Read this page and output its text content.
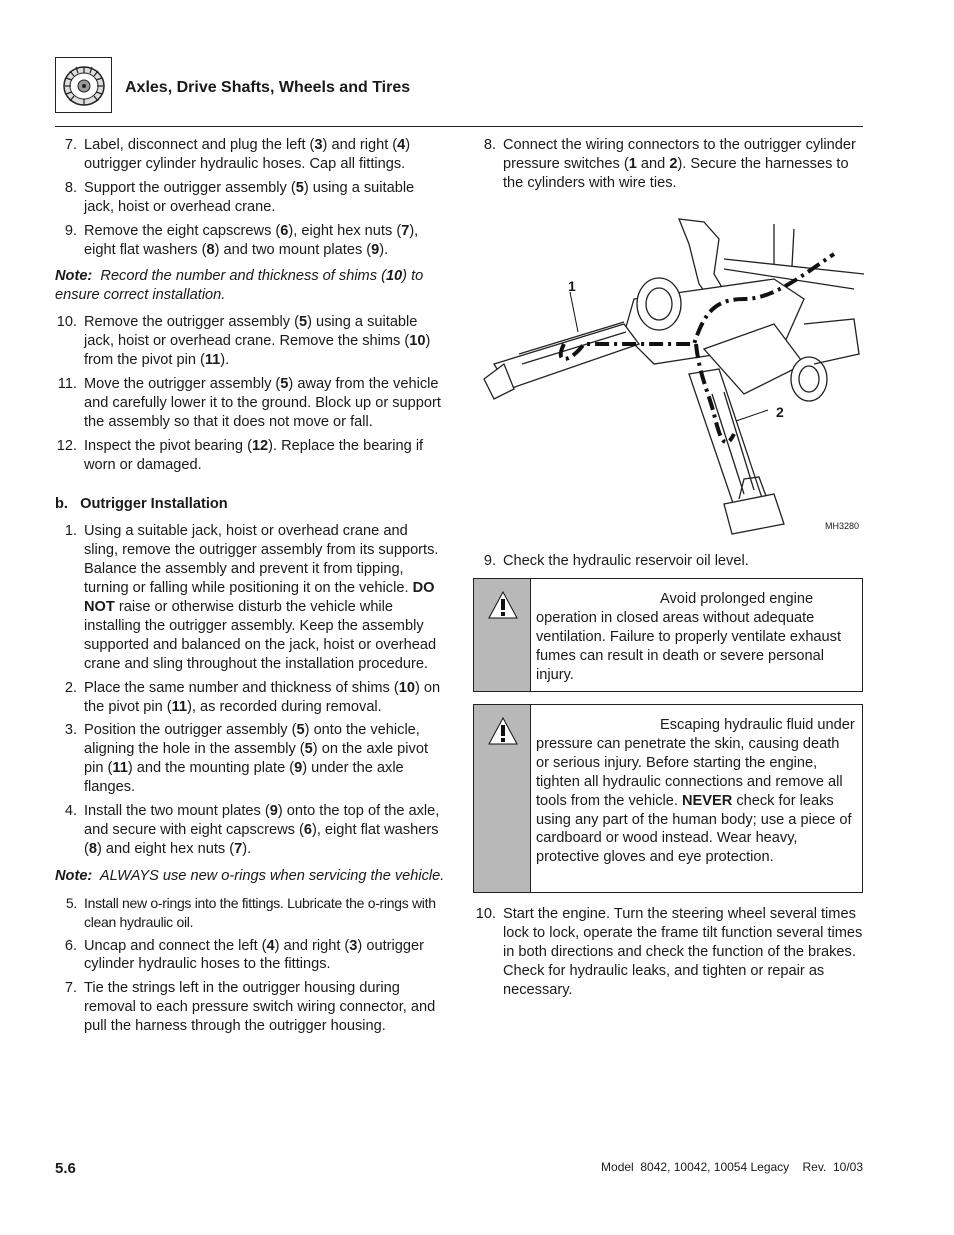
Axles, Drive Shafts, Wheels and Tires
7. Label, disconnect and plug the left (3) and right (4) outrigger cylinder hydraulic hoses. Cap all fittings.
8. Support the outrigger assembly (5) using a suitable jack, hoist or overhead crane.
9. Remove the eight capscrews (6), eight hex nuts (7), eight flat washers (8) and two mount plates (9).
Note: Record the number and thickness of shims (10) to ensure correct installation.
10. Remove the outrigger assembly (5) using a suitable jack, hoist or overhead crane. Remove the shims (10) from the pivot pin (11).
11. Move the outrigger assembly (5) away from the vehicle and carefully lower it to the ground. Block up or support the assembly so that it does not move or fall.
12. Inspect the pivot bearing (12). Replace the bearing if worn or damaged.
b.   Outrigger Installation
1. Using a suitable jack, hoist or overhead crane and sling, remove the outrigger assembly from its supports. Balance the assembly and prevent it from tipping, turning or falling while positioning it on the vehicle. DO NOT raise or otherwise disturb the vehicle while installing the outrigger assembly. Keep the assembly supported and balanced on the jack, hoist or overhead crane and sling throughout the installation procedure.
2. Place the same number and thickness of shims (10) on the pivot pin (11), as recorded during removal.
3. Position the outrigger assembly (5) onto the vehicle, aligning the hole in the assembly (5) on the axle pivot pin (11) and the mounting plate (9) under the axle flanges.
4. Install the two mount plates (9) onto the top of the axle, and secure with eight capscrews (6), eight flat washers (8) and eight hex nuts (7).
Note: ALWAYS use new o-rings when servicing the vehicle.
5. Install new o-rings into the fittings. Lubricate the o-rings with clean hydraulic oil.
6. Uncap and connect the left (4) and right (3) outrigger cylinder hydraulic hoses to the fittings.
7. Tie the strings left in the outrigger housing during removal to each pressure switch wiring connector, and pull the harness through the outrigger housing.
8. Connect the wiring connectors to the outrigger cylinder pressure switches (1 and 2). Secure the harnesses to the cylinders with wire ties.
1
2
MH3280
9. Check the hydraulic reservoir oil level.
Avoid prolonged engine operation in closed areas without adequate ventilation. Failure to properly ventilate exhaust fumes can result in death or severe personal injury.
Escaping hydraulic fluid under pressure can penetrate the skin, causing death or serious injury. Before starting the engine, tighten all hydraulic connections and remove all tools from the vehicle. NEVER check for leaks using any part of the human body; use a piece of cardboard or wood instead. Wear heavy, protective gloves and eye protection.
10. Start the engine. Turn the steering wheel several times lock to lock, operate the frame tilt function several times in both directions and check the function of the brakes. Check for hydraulic leaks, and tighten or repair as necessary.
5.6	Model  8042, 10042, 10054 Legacy    Rev.  10/03
